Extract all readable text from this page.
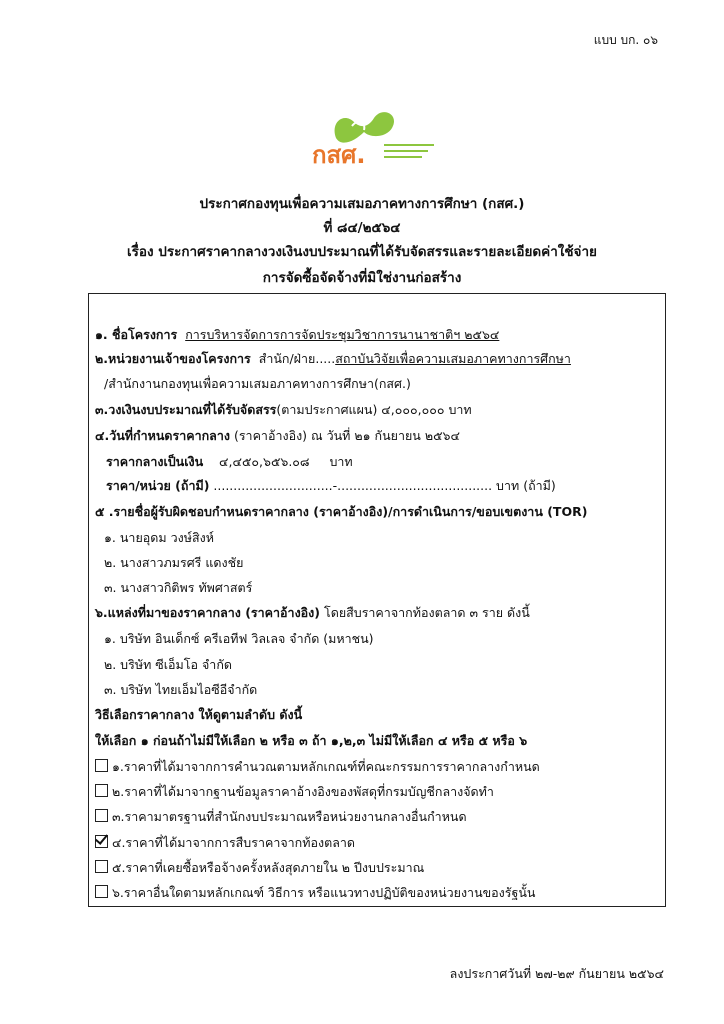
แบบ บก. ๐๖
กสศ.
ประกาศกองทุนเพื่อความเสมอภาคทางการศึกษา (กสศ.)
ที่ ๘๔/๒๕๖๔
เรื่อง ประกาศราคากลางวงเงินงบประมาณที่ได้รับจัดสรรและรายละเอียดค่าใช้จ่าย
การจัดซื้อจัดจ้างที่มิใช่งานก่อสร้าง
๑. ชื่อโครงการ การบริหารจัดการการจัดประชุมวิชาการนานาชาติฯ ๒๕๖๔
๒.หน่วยงานเจ้าของโครงการ สำนัก/ฝ่าย.....สถาบันวิจัยเพื่อความเสมอภาคทางการศึกษา
/สำนักงานกองทุนเพื่อความเสมอภาคทางการศึกษา(กสศ.)
๓.วงเงินงบประมาณที่ได้รับจัดสรร(ตามประกาศแผน) ๔,๐๐๐,๐๐๐ บาท
๔.วันที่กำหนดราคากลาง (ราคาอ้างอิง) ณ วันที่ ๒๑ กันยายน ๒๕๖๔
ราคากลางเป็นเงิน ๔,๔๕๐,๖๕๖.๐๘ บาท
ราคา/หน่วย (ถ้ามี) ..............................-....................................... บาท (ถ้ามี)
๕ .รายชื่อผู้รับผิดชอบกำหนดราคากลาง (ราคาอ้างอิง)/การดำเนินการ/ขอบเขตงาน (TOR)
๑. นายอุดม วงษ์สิงห์
๒. นางสาวภมรศรี แดงชัย
๓. นางสาวกิติพร ทัพศาสตร์
๖.แหล่งที่มาของราคากลาง (ราคาอ้างอิง) โดยสืบราคาจากท้องตลาด ๓ ราย ดังนี้
๑. บริษัท อินเด็กซ์ ครีเอทีฟ วิลเลจ จำกัด (มหาชน)
๒. บริษัท ซีเอ็มโอ จำกัด
๓. บริษัท ไทยเอ็มไอซีอีจำกัด
วิธีเลือกราคากลาง ให้ดูตามลำดับ ดังนี้
ให้เลือก ๑ ก่อนถ้าไม่มีให้เลือก ๒ หรือ ๓ ถ้า ๑,๒,๓ ไม่มีให้เลือก ๔ หรือ ๕ หรือ ๖
๑.ราคาที่ได้มาจากการคำนวณตามหลักเกณฑ์ที่คณะกรรมการราคากลางกำหนด
๒.ราคาที่ได้มาจากฐานข้อมูลราคาอ้างอิงของพัสดุที่กรมบัญชีกลางจัดทำ
๓.ราคามาตรฐานที่สำนักงบประมาณหรือหน่วยงานกลางอื่นกำหนด
๔.ราคาที่ได้มาจากการสืบราคาจากท้องตลาด
๕.ราคาที่เคยซื้อหรือจ้างครั้งหลังสุดภายใน ๒ ปีงบประมาณ
๖.ราคาอื่นใดตามหลักเกณฑ์ วิธีการ หรือแนวทางปฏิบัติของหน่วยงานของรัฐนั้น
ลงประกาศวันที่ ๒๗-๒๙ กันยายน ๒๕๖๔
